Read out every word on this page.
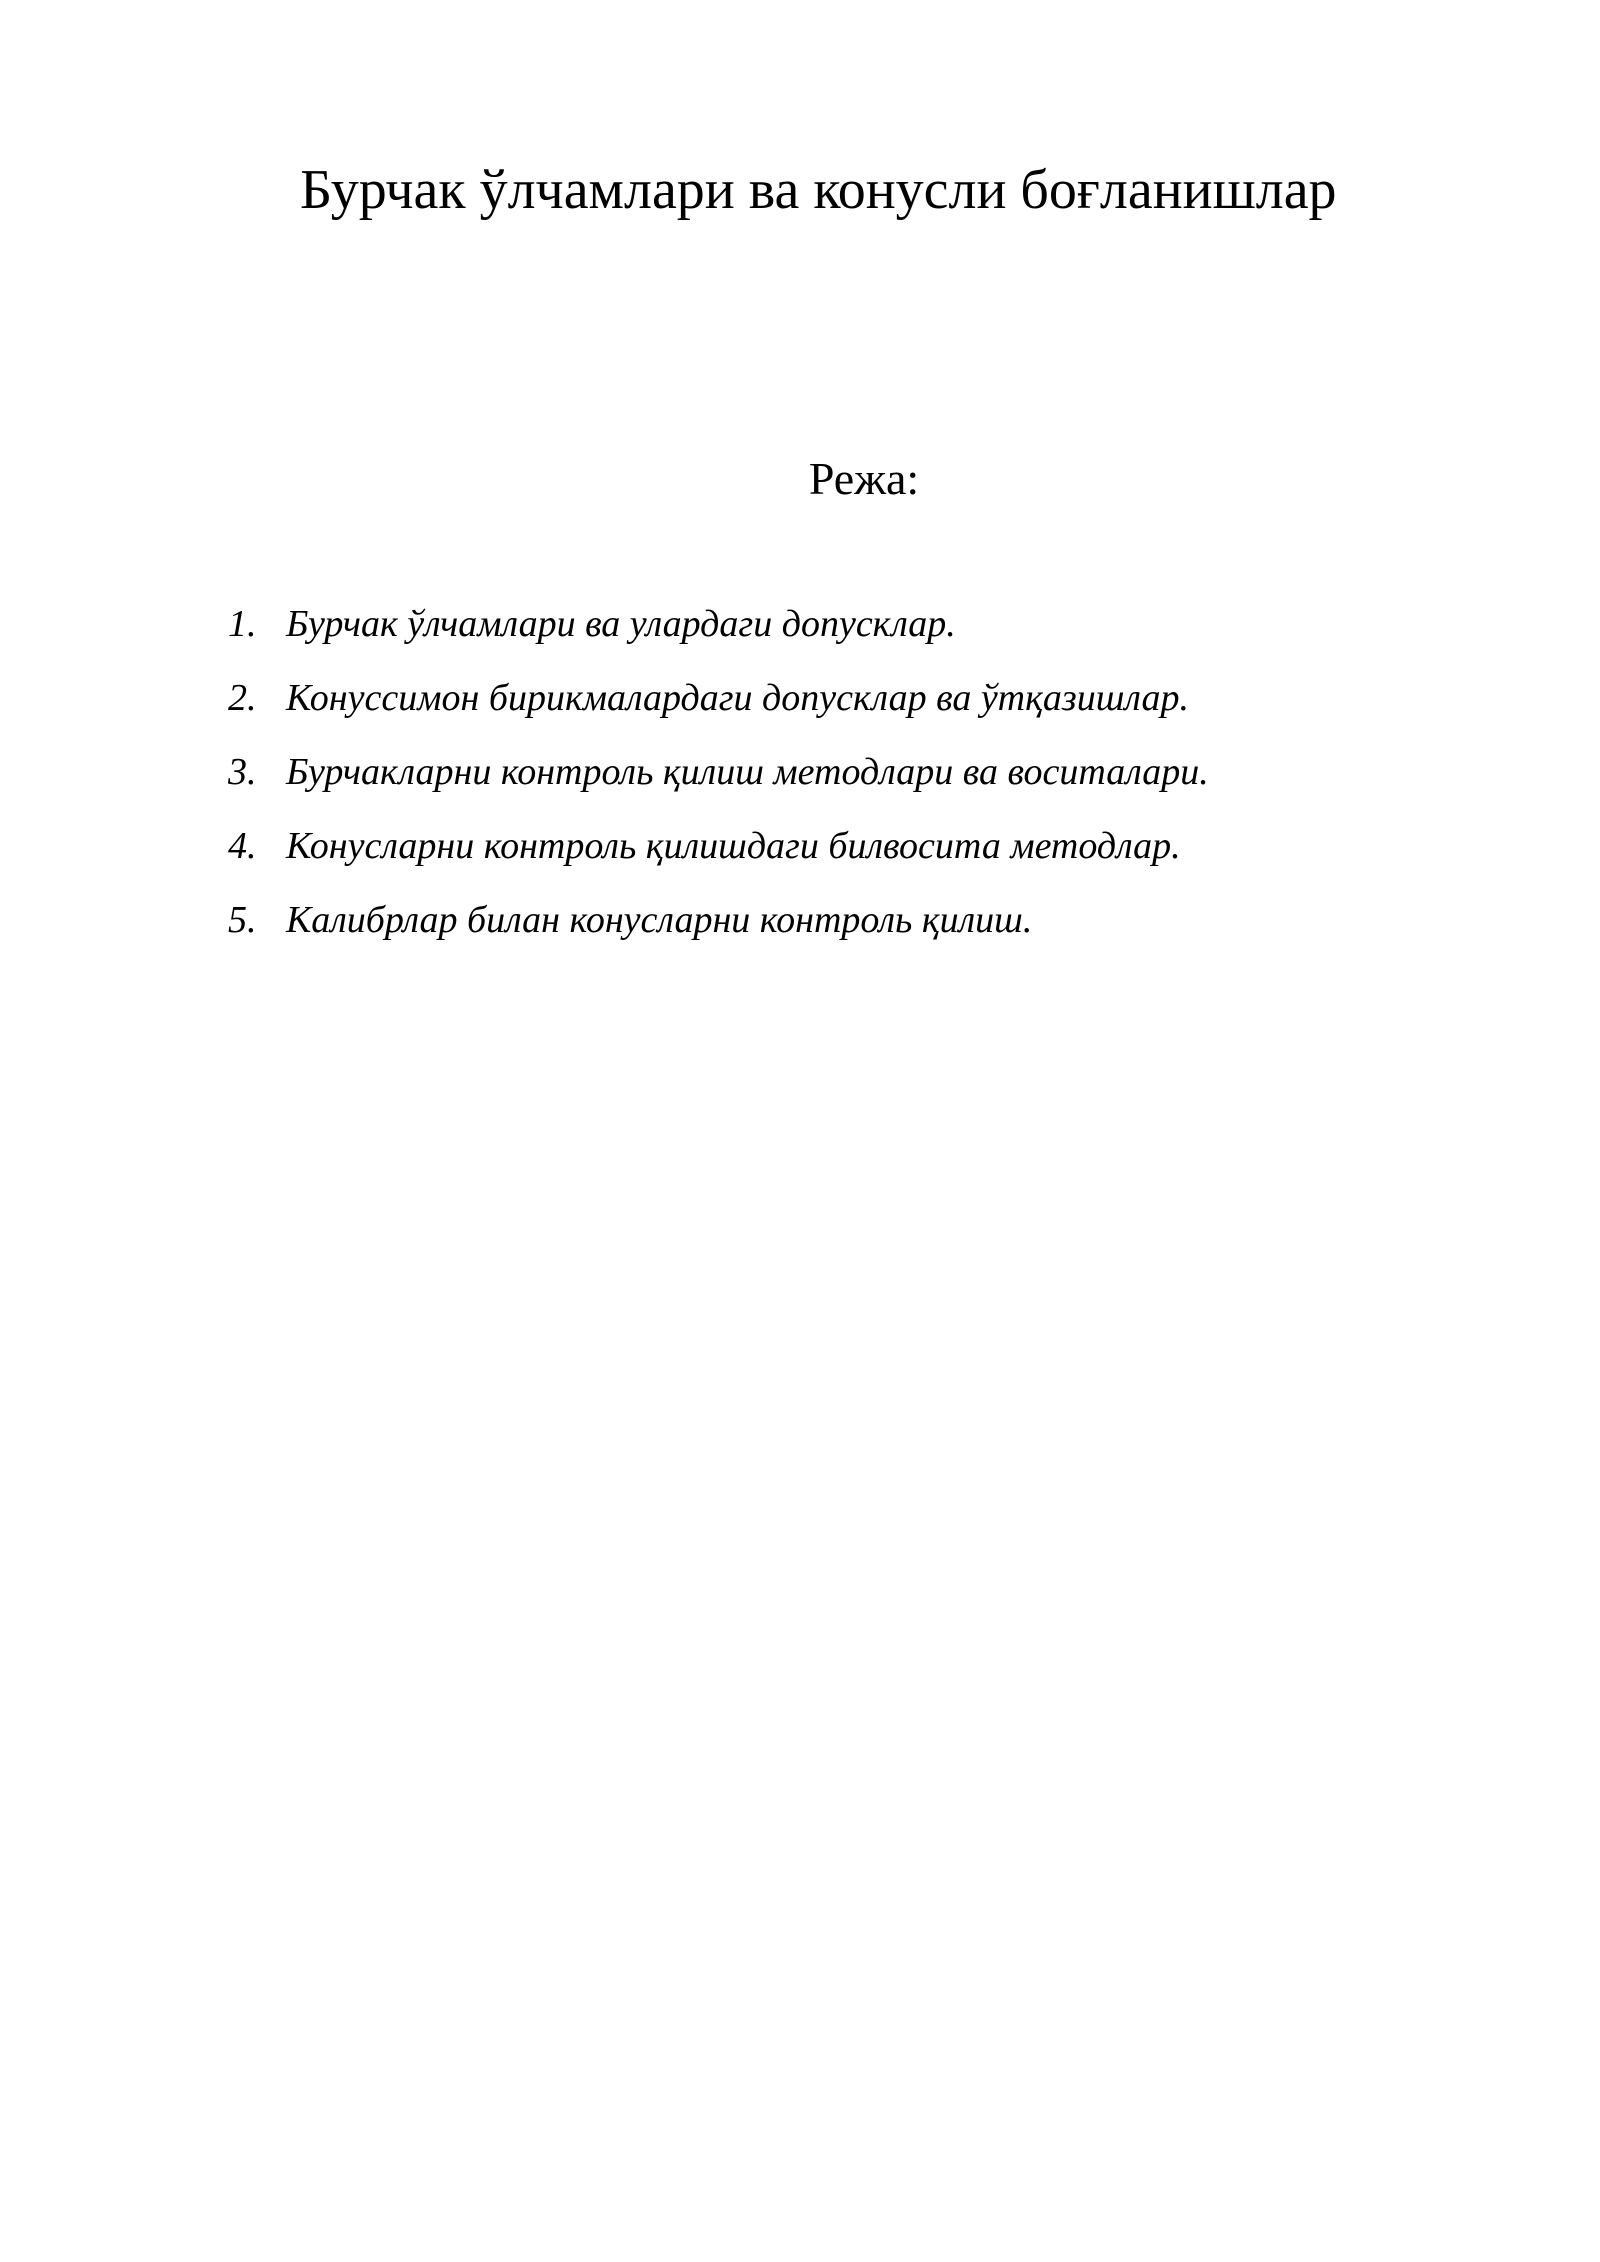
Бурчак ўлчамлари ва конусли боғланишлар
Режа:
1. Бурчак ўлчамлари ва улардаги допусклар.
2. Конуссимон бирикмалардаги допусклар ва ўтқазишлар.
3. Бурчакларни контроль қилиш методлари ва воситалари.
4. Конусларни контроль қилишдаги билвосита методлар.
5. Калибрлар билан конусларни контроль қилиш.
